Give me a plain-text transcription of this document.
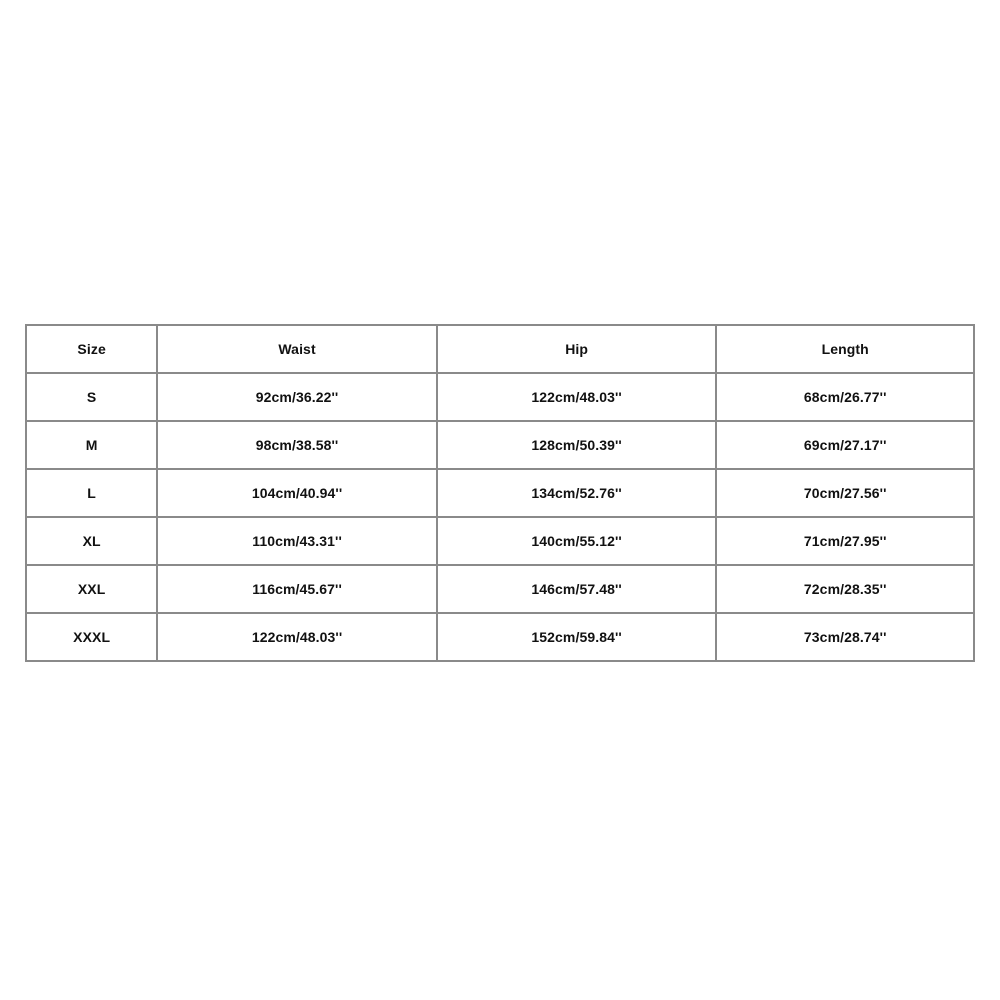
Size	Waist	Hip	Length
S	92cm/36.22''	122cm/48.03''	68cm/26.77''
M	98cm/38.58''	128cm/50.39''	69cm/27.17''
L	104cm/40.94''	134cm/52.76''	70cm/27.56''
XL	110cm/43.31''	140cm/55.12''	71cm/27.95''
XXL	116cm/45.67''	146cm/57.48''	72cm/28.35''
XXXL	122cm/48.03''	152cm/59.84''	73cm/28.74''
